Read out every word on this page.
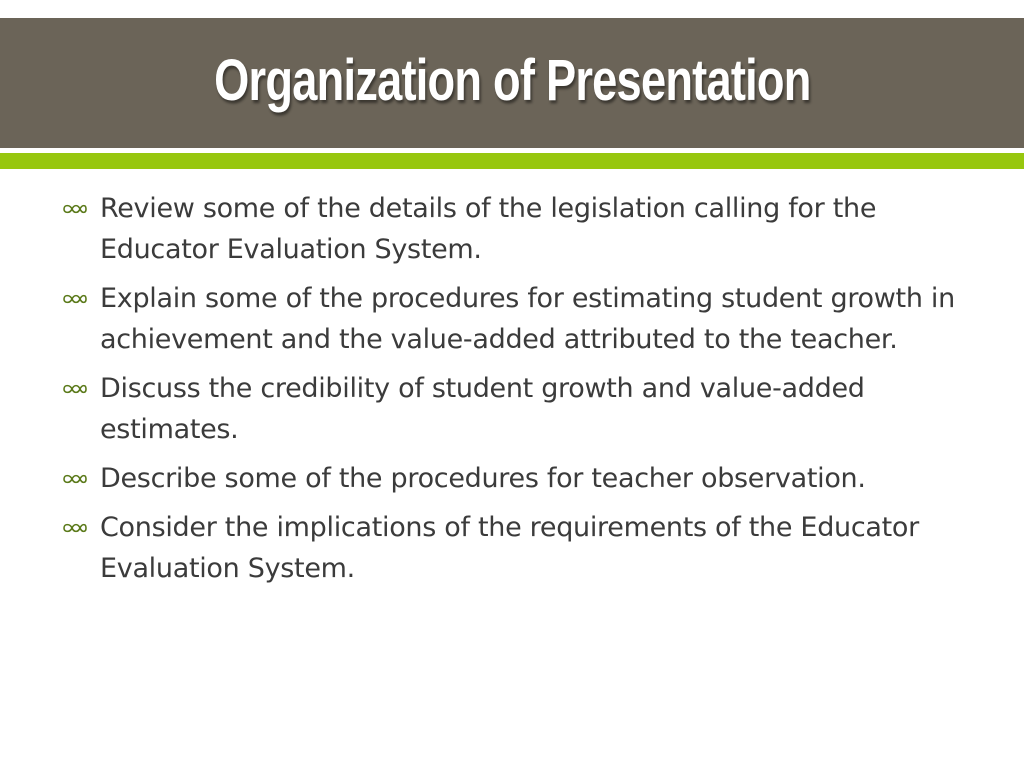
Organization of Presentation
Review some of the details of the legislation calling for the Educator Evaluation System.
Explain some of the procedures for estimating student growth in achievement and the value-added attributed to the teacher.
Discuss the credibility of student growth and value-added estimates.
Describe some of the procedures for teacher observation.
Consider the implications of the requirements of the Educator Evaluation System.
